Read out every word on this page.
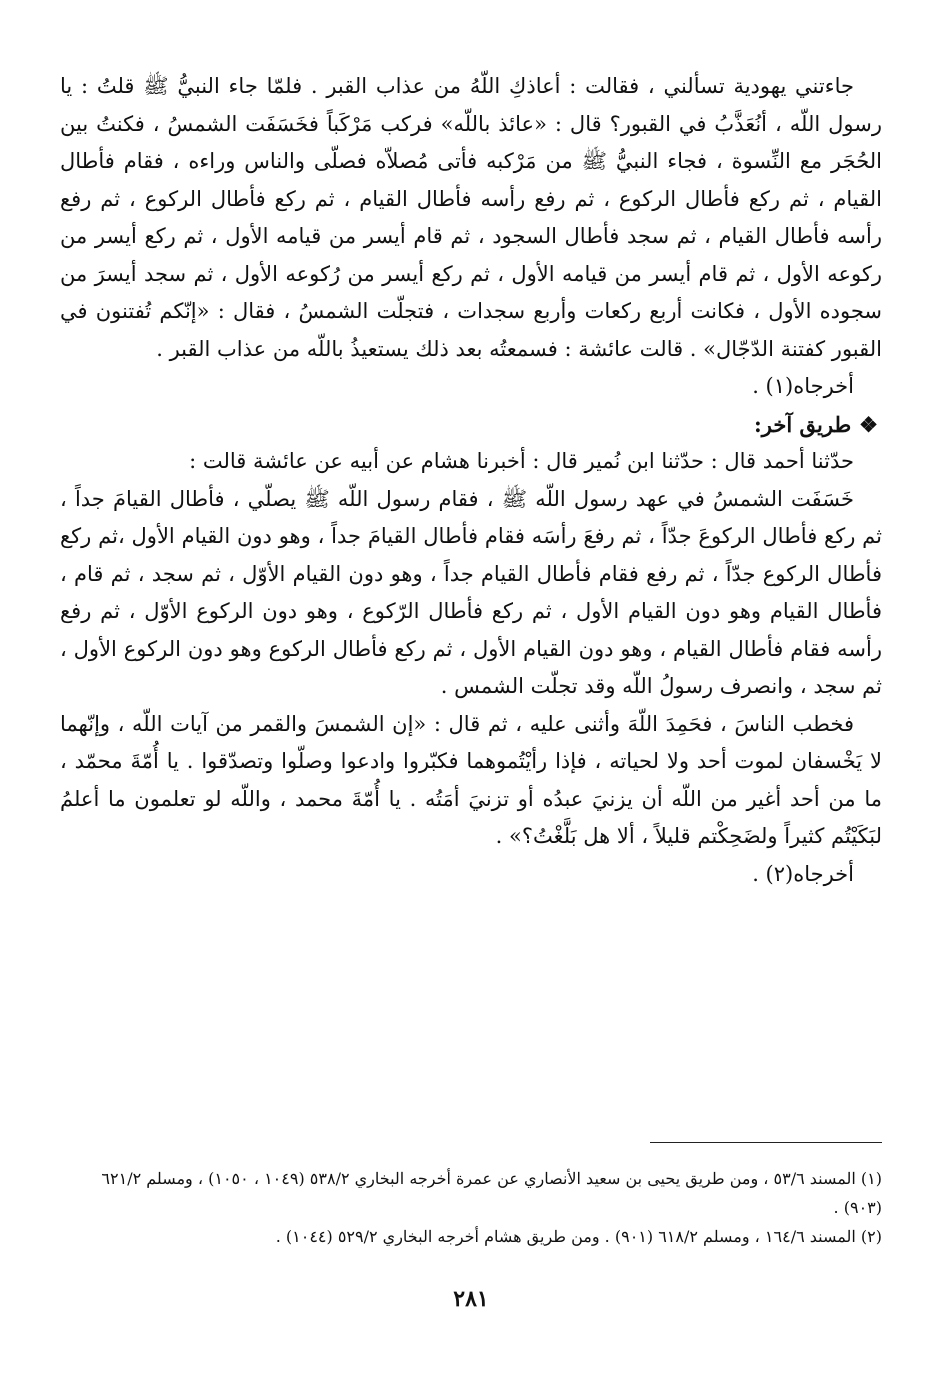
جاءتني يهودية تسألني ، فقالت : أعاذكِ اللّهُ من عذاب القبر . فلمّا جاء النبيُّ ﷺ قلتُ : يا رسول اللّه ، أنُعَذَّبُ في القبور؟ قال : «عائذ باللّه» فركب مَرْكَباً فخَسَفَت الشمسُ ، فكنتُ بين الحُجَر مع النِّسوة ، فجاء النبيُّ ﷺ من مَرْكبه فأتى مُصلاّه فصلّى والناس وراءه ، فقام فأطال القيام ، ثم ركع فأطال الركوع ، ثم رفع رأسه فأطال القيام ، ثم ركع فأطال الركوع ، ثم رفع رأسه فأطال القيام ، ثم سجد فأطال السجود ، ثم قام أيسر من قيامه الأول ، ثم ركع أيسر من ركوعه الأول ، ثم قام أيسر من قيامه الأول ، ثم ركع أيسر من رُكوعه الأول ، ثم سجد أيسرَ من سجوده الأول ، فكانت أربع ركعات وأربع سجدات ، فتجلّت الشمسُ ، فقال : «إنّكم تُفتنون في القبور كفتنة الدّجّال» . قالت عائشة : فسمعتُه بعد ذلك يستعيذُ باللّه من عذاب القبر .

أخرجاه(١) .

❖طريق آخر:

حدّثنا أحمد قال : حدّثنا ابن نُمير قال : أخبرنا هشام عن أبيه عن عائشة قالت :

خَسَفَت الشمسُ في عهد رسول اللّه ﷺ ، فقام رسول اللّه ﷺ يصلّي ، فأطال القيامَ جداً ، ثم ركع فأطال الركوعَ جدّاً ، ثم رفعَ رأسَه فقام فأطال القيامَ جداً ، وهو دون القيام الأول ،ثم ركع فأطال الركوع جدّاً ، ثم رفع فقام فأطال القيام جداً ، وهو دون القيام الأوّل ، ثم سجد ، ثم قام ، فأطال القيام وهو دون القيام الأول ، ثم ركع فأطال الرّكوع ، وهو دون الركوع الأوّل ، ثم رفع رأسه فقام فأطال القيام ، وهو دون القيام الأول ، ثم ركع فأطال الركوع وهو دون الركوع الأول ، ثم سجد ، وانصرف رسولُ اللّه وقد تجلّت الشمس .

فخطب الناسَ ، فحَمِدَ اللّهَ وأثنى عليه ، ثم قال : «إن الشمسَ والقمر من آيات اللّه ، وإنّهما لا يَخْسفان لموت أحد ولا لحياته ، فإذا رأيْتُموهما فكبّروا وادعوا وصلّوا وتصدّقوا . يا أُمّةَ محمّد ، ما من أحد أغير من اللّه أن يزنيَ عبدُه أو تزنيَ أمَتُه . يا أُمّةَ محمد ، واللّه لو تعلمون ما أعلمُ لبَكَيْتُم كثيراً ولضَحِكْتم قليلاً ، ألا هل بَلَّغْتُ؟» .

أخرجاه(٢) .

(١) المسند ٥٣/٦ ، ومن طريق يحيى بن سعيد الأنصاري عن عمرة أخرجه البخاري ٥٣٨/٢ (١٠٤٩ ، ١٠٥٠) ، ومسلم ٦٢١/٢ (٩٠٣) .

(٢) المسند ١٦٤/٦ ، ومسلم ٦١٨/٢ (٩٠١) . ومن طريق هشام أخرجه البخاري ٥٢٩/٢ (١٠٤٤) .

٢٨١
